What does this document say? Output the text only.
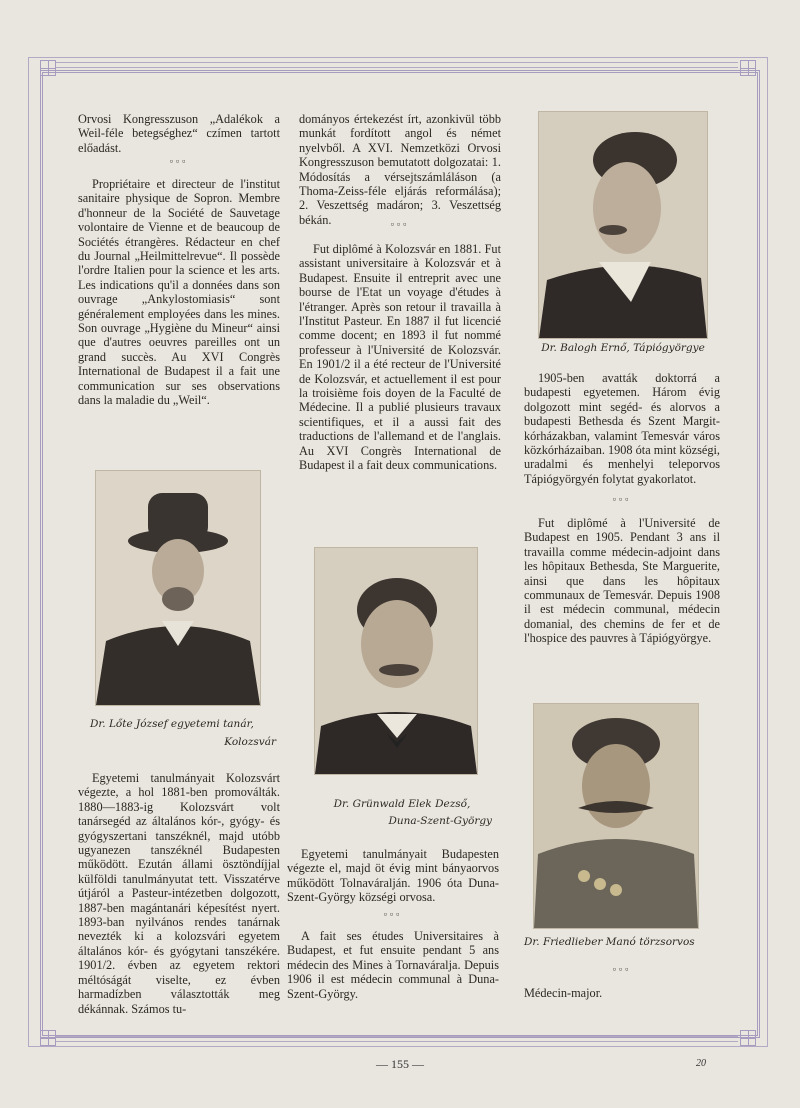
Orvosi Kongresszuson „Adalékok a Weil-féle betegséghez“ czímen tartott előadást.
▫▫▫
Propriétaire et directeur de l'institut sanitaire physique de Sopron. Membre d'honneur de la Société de Sauvetage volontaire de Vienne et de beaucoup de Sociétés étrangères. Rédacteur en chef du Journal „Heilmittelrevue“. Il possède l'ordre Italien pour la science et les arts. Les indications qu'il a données dans son ouvrage „Ankylostomiasis“ sont généralement employées dans les mines. Son ouvrage „Hygiène du Mineur“ ainsi que d'autres oeuvres pareilles ont un grand succès. Au XVI Congrès International de Budapest il a fait une communication sur ses observations dans la maladie du „Weil“.
Dr. Lőte József egyetemi tanár,
Kolozsvár
Egyetemi tanulmányait Kolozsvárt végezte, a hol 1881-ben promoválták. 1880—1883-ig Kolozsvárt volt tanársegéd az általános kór-, gyógy- és gyógyszertani tanszéknél, majd utóbb ugyanezen tanszéknél Budapesten működött. Ezután állami ösztöndíjjal külföldi tanulmányutat tett. Visszatérve útjáról a Pasteur-intézetben dolgozott, 1887-ben magántanári képesítést nyert. 1893-ban nyilvános rendes tanárnak nevezték ki a kolozsvári egyetem általános kór- és gyógytani tanszékére. 1901/2. évben az egyetem rektori méltóságát viselte, ez évben harmadízben választották meg dékánnak. Számos tu-
dományos értekezést írt, azonkivül több munkát fordított angol és német nyelvből. A XVI. Nemzetközi Orvosi Kongresszuson bemutatott dolgozatai: 1. Módosítás a vérsejtszámláláson (a Thoma-Zeiss-féle eljárás reformálása); 2. Veszettség madáron; 3. Veszettség békán.	▫▫▫
Fut diplômé à Kolozsvár en 1881. Fut assistant universitaire à Kolozsvár et à Budapest. Ensuite il entreprit avec une bourse de l'Etat un voyage d'études à l'étranger. Après son retour il travailla à l'Institut Pasteur. En 1887 il fut licencié comme docent; en 1893 il fut nommé professeur à l'Université de Kolozsvár. En 1901/2 il a été recteur de l'Université de Kolozsvár, et actuellement il est pour la troisième fois doyen de la Faculté de Médecine. Il a publié plusieurs travaux scientifiques, et il a aussi fait des traductions de l'allemand et de l'anglais. Au XVI Congrès International de Budapest il a fait deux communications.
Dr. Grünwald Elek Dezső,
Duna-Szent-György
Egyetemi tanulmányait Budapesten végezte el, majd öt évig mint bányaorvos működött Tolnaváralján. 1906 óta Duna-Szent-György községi orvosa.
▫▫▫
A fait ses études Universitaires à Budapest, et fut ensuite pendant 5 ans médecin des Mines à Tornaváralja. Depuis 1906 il est médecin communal à Duna-Szent-György.
Dr. Balogh Ernő, Tápiógyörgye
1905-ben avatták doktorrá a budapesti egyetemen. Három évig dolgozott mint segéd- és alorvos a budapesti Bethesda és Szent Margit-kórházakban, valamint Temesvár város közkórházaiban. 1908 óta mint községi, uradalmi és menhelyi teleporvos Tápiógyörgyén folytat gyakorlatot.
▫▫▫
Fut diplômé à l'Université de Budapest en 1905. Pendant 3 ans il travailla comme médecin-adjoint dans les hôpitaux Bethesda, Ste Marguerite, ainsi que dans les hôpitaux communaux de Temesvár. Depuis 1908 il est médecin communal, médecin domanial, des chemins de fer et de l'hospice des pauvres à Tápiógyörgye.
Dr. Friedlieber Manó törzsorvos
▫▫▫
Médecin-major.
— 155 —	20
